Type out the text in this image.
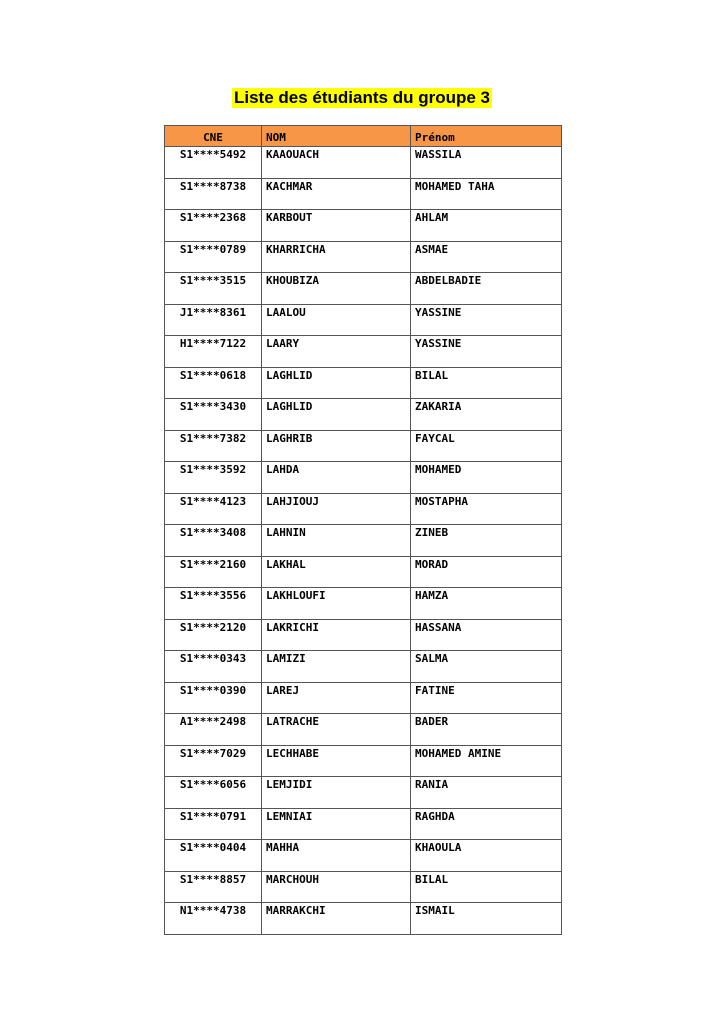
Liste des étudiants du groupe 3
CNE	NOM	Prénom
S1****5492	KAAOUACH	WASSILA
S1****8738	KACHMAR	MOHAMED TAHA
S1****2368	KARBOUT	AHLAM
S1****0789	KHARRICHA	ASMAE
S1****3515	KHOUBIZA	ABDELBADIE
J1****8361	LAALOU	YASSINE
H1****7122	LAARY	YASSINE
S1****0618	LAGHLID	BILAL
S1****3430	LAGHLID	ZAKARIA
S1****7382	LAGHRIB	FAYCAL
S1****3592	LAHDA	MOHAMED
S1****4123	LAHJIOUJ	MOSTAPHA
S1****3408	LAHNIN	ZINEB
S1****2160	LAKHAL	MORAD
S1****3556	LAKHLOUFI	HAMZA
S1****2120	LAKRICHI	HASSANA
S1****0343	LAMIZI	SALMA
S1****0390	LAREJ	FATINE
A1****2498	LATRACHE	BADER
S1****7029	LECHHABE	MOHAMED AMINE
S1****6056	LEMJIDI	RANIA
S1****0791	LEMNIAI	RAGHDA
S1****0404	MAHHA	KHAOULA
S1****8857	MARCHOUH	BILAL
N1****4738	MARRAKCHI	ISMAIL
